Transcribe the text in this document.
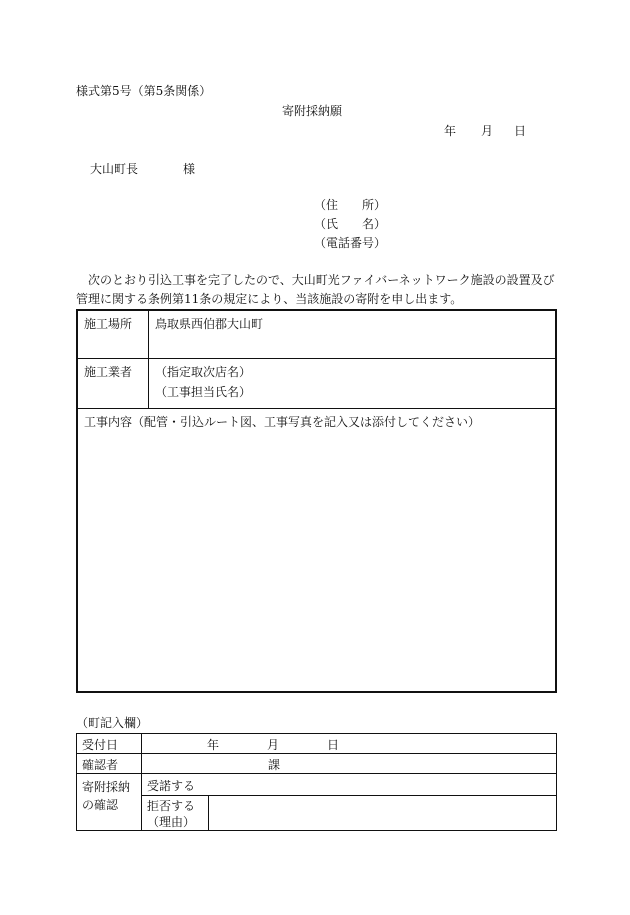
様式第5号（第5条関係）
寄附採納願
年 月 日
大山町長	様
（住　　所）
（氏　　名）
（電話番号）
　次のとおり引込工事を完了したので、大山町光ファイバーネットワーク施設の設置及び
管理に関する条例第11条の規定により、当該施設の寄附を申し出ます。
施工場所	鳥取県西伯郡大山町

施工業者	（指定取次店名）
（工事担当氏名）

工事内容（配管・引込ルート図、工事写真を記入又は添付してください）	
（町記入欄）
受付日	年 月 日	
確認者	課	

寄附採納
の確認	受諾する	

	拒否する
（理由）	
